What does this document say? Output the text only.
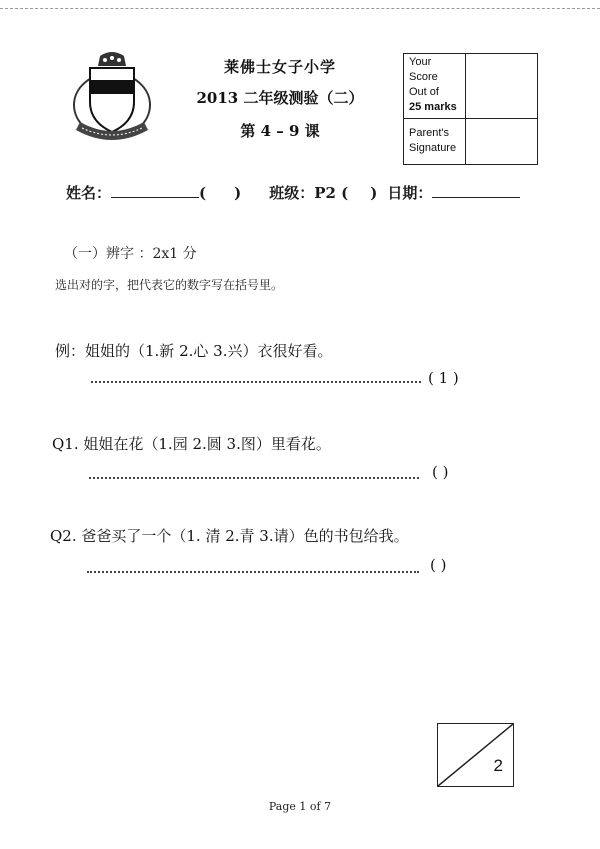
莱佛士女子小学
2013 二年级测验（二）
第 4 – 9 课
Your
Score
Out of
25 marks
Parent's
Signature
姓名：	( ) 班级：P2 ( ) 日期：
（一）辨字 ：2x1 分
选出对的字，把代表它的数字写在括号里。
例：姐姐的（1.新 2.心 3.兴）衣很好看。
( 1 )
Q1. 姐姐在花（1.园 2.圆 3.图）里看花。
( )
Q2. 爸爸买了一个（1. 清 2.青 3.请）色的书包给我。
( )
2
Page 1 of 7
